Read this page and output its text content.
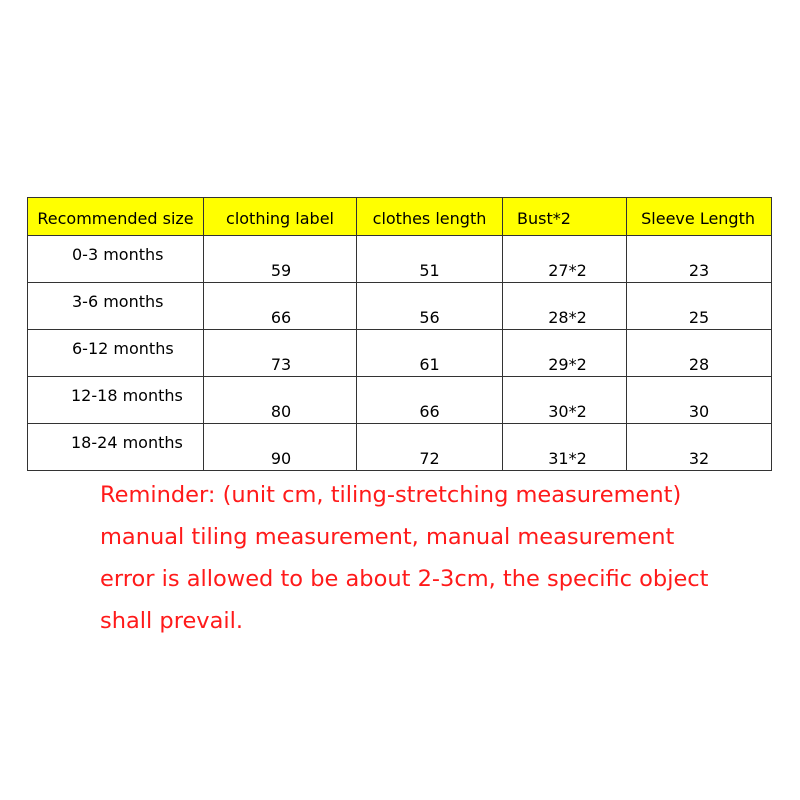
Recommended size	clothing label	clothes length	Bust*2	Sleeve Length
0-3 months	59	51	27*2	23
3-6 months	66	56	28*2	25
6-12 months	73	61	29*2	28
12-18 months	80	66	30*2	30
18-24 months	90	72	31*2	32
Reminder: (unit cm, tiling-stretching measurement)
manual tiling measurement, manual measurement
error is allowed to be about 2-3cm, the specific object
shall prevail.
